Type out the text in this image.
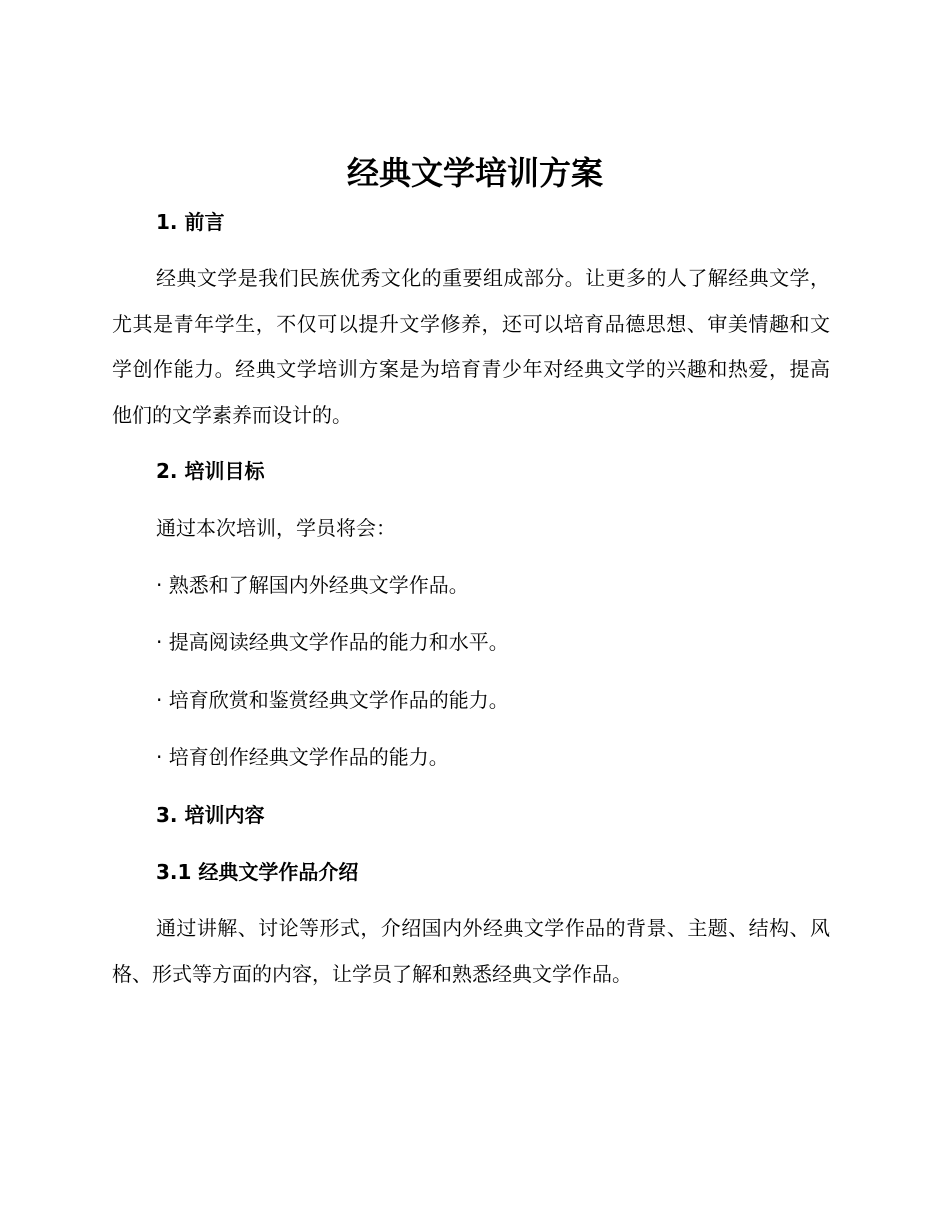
经典文学培训方案
1. 前言

经典文学是我们民族优秀文化的重要组成部分。让更多的人了解经典文学，尤其是青年学生，不仅可以提升文学修养，还可以培育品德思想、审美情趣和文学创作能力。经典文学培训方案是为培育青少年对经典文学的兴趣和热爱，提高他们的文学素养而设计的。

2. 培训目标
通过本次培训，学员将会：
· 熟悉和了解国内外经典文学作品。
· 提高阅读经典文学作品的能力和水平。
· 培育欣赏和鉴赏经典文学作品的能力。
· 培育创作经典文学作品的能力。
3. 培训内容
3.1 经典文学作品介绍

通过讲解、讨论等形式，介绍国内外经典文学作品的背景、主题、结构、风格、形式等方面的内容，让学员了解和熟悉经典文学作品。
